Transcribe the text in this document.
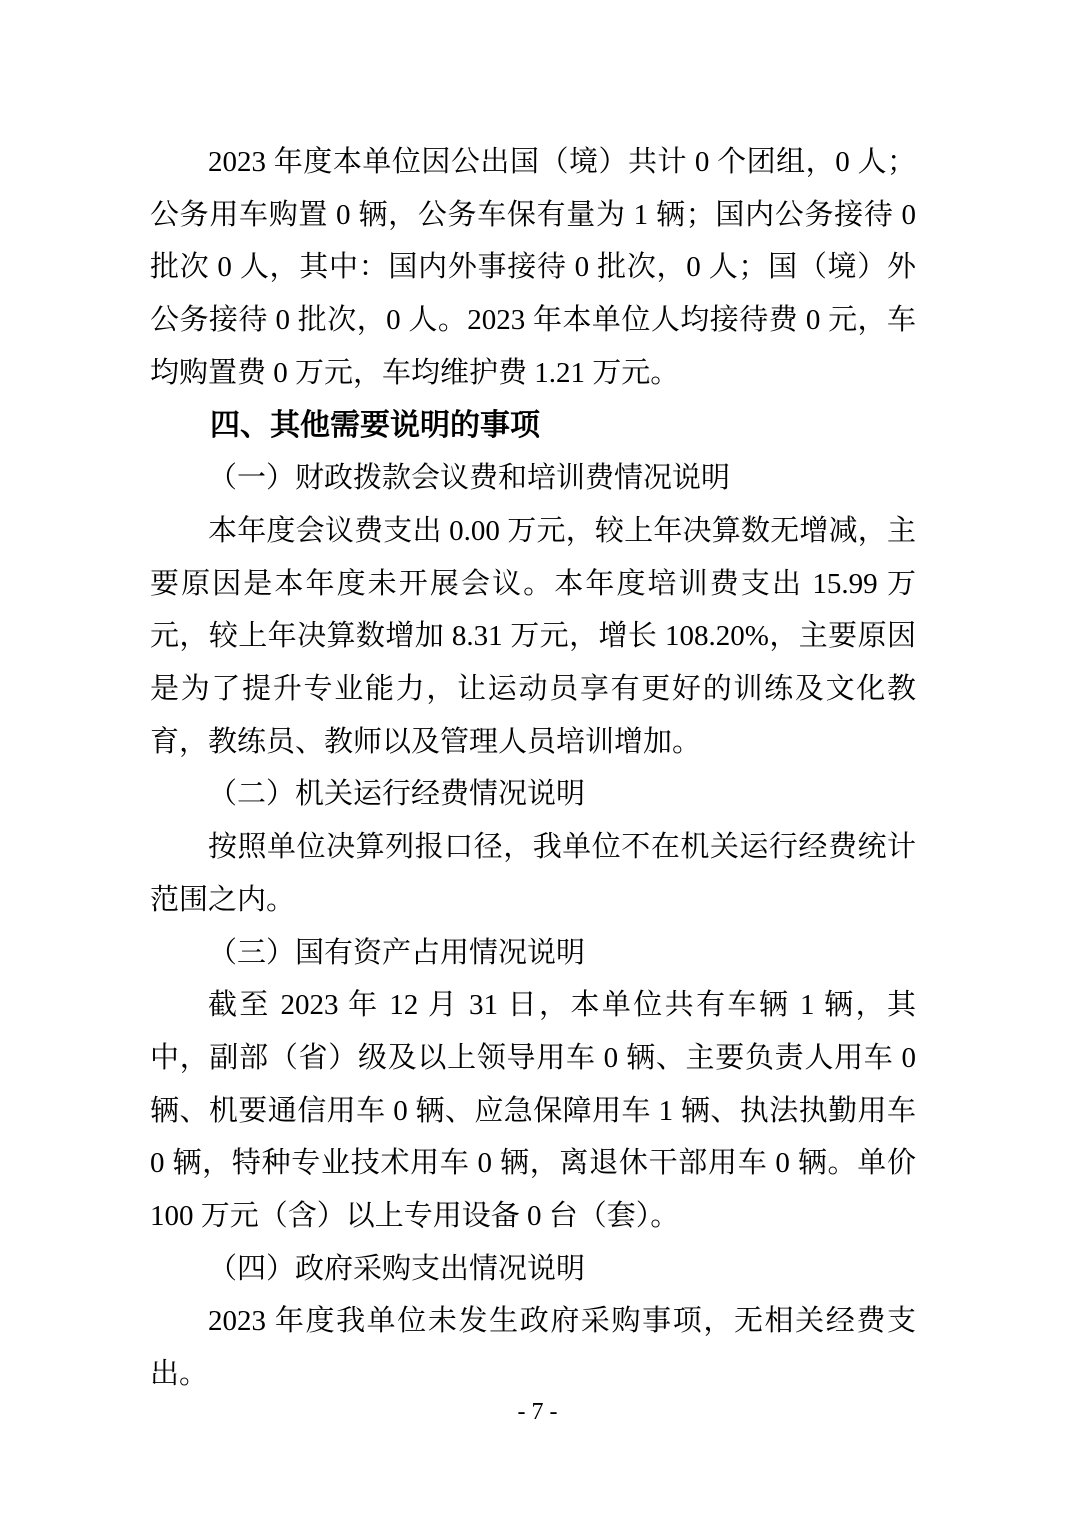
2023 年度本单位因公出国（境）共计 0 个团组，0 人；公务用车购置 0 辆，公务车保有量为 1 辆；国内公务接待 0 批次 0 人，其中：国内外事接待 0 批次，0 人；国（境）外公务接待 0 批次，0 人。2023 年本单位人均接待费 0 元，车均购置费 0 万元，车均维护费 1.21 万元。

四、其他需要说明的事项

（一）财政拨款会议费和培训费情况说明

本年度会议费支出 0.00 万元，较上年决算数无增减，主要原因是本年度未开展会议。本年度培训费支出 15.99 万元，较上年决算数增加 8.31 万元，增长 108.20%，主要原因是为了提升专业能力，让运动员享有更好的训练及文化教育，教练员、教师以及管理人员培训增加。

（二）机关运行经费情况说明

按照单位决算列报口径，我单位不在机关运行经费统计范围之内。

（三）国有资产占用情况说明

截至 2023 年 12 月 31 日，本单位共有车辆 1 辆，其中，副部（省）级及以上领导用车 0 辆、主要负责人用车 0 辆、机要通信用车 0 辆、应急保障用车 1 辆、执法执勤用车 0 辆，特种专业技术用车 0 辆，离退休干部用车 0 辆。单价 100 万元（含）以上专用设备 0 台（套）。

（四）政府采购支出情况说明

2023 年度我单位未发生政府采购事项，无相关经费支出。

- 7 -
